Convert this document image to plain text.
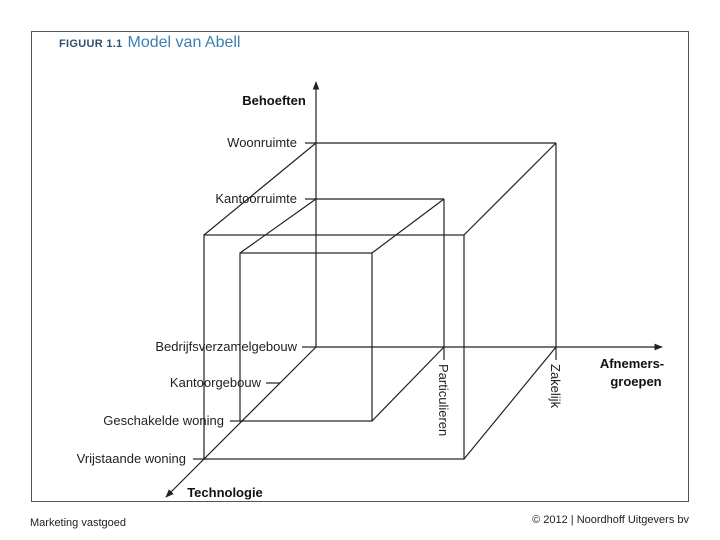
FIGUUR 1.1 Model van Abell
Behoeften
Afnemers-
groepen
Technologie
Woonruimte
Kantoorruimte
Bedrijfsverzamelgebouw
Kantoorgebouw
Geschakelde woning
Vrijstaande woning
Particulieren	Zakelijk
Marketing vastgoed	© 2012 | Noordhoff Uitgevers bv
